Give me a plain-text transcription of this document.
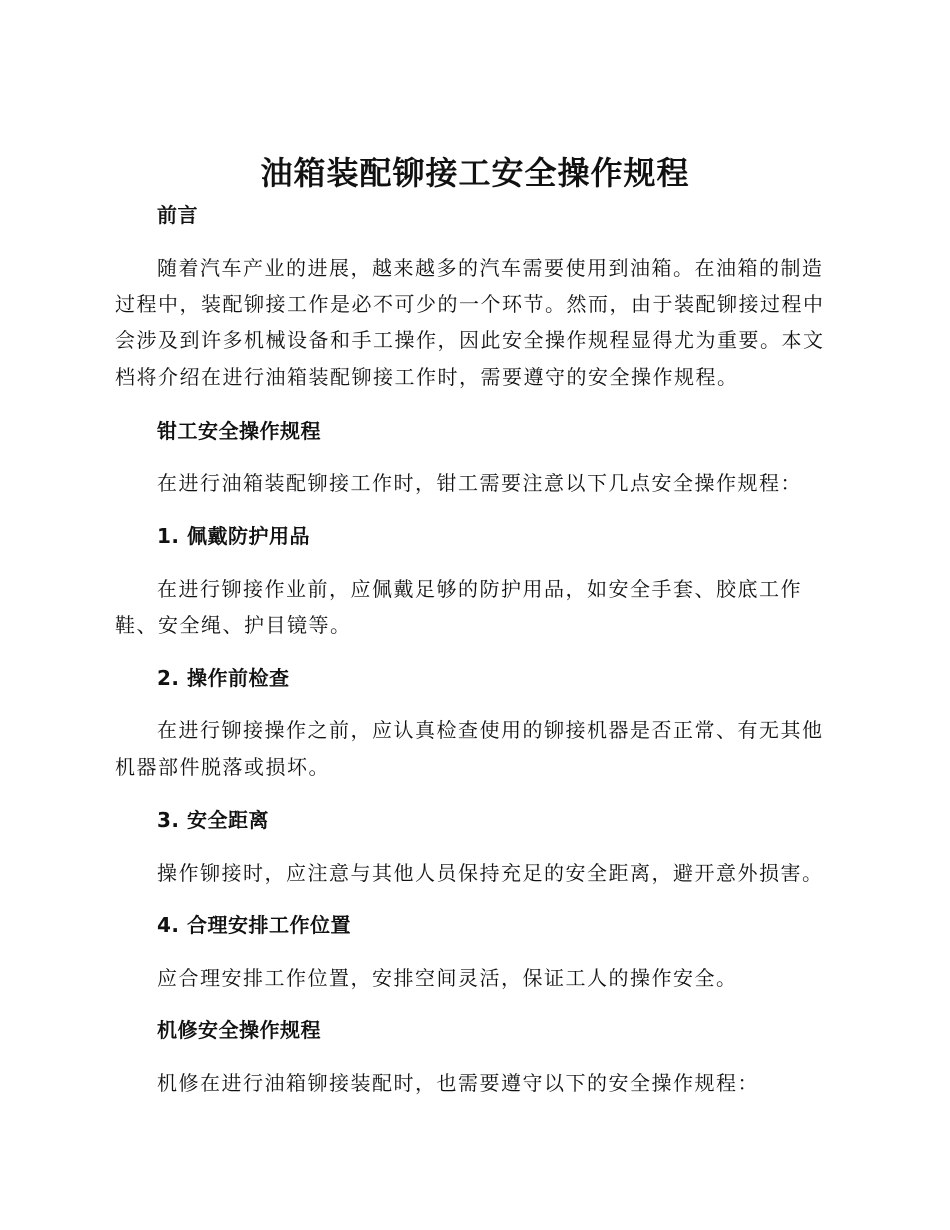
油箱装配铆接工安全操作规程
前言
随着汽车产业的进展，越来越多的汽车需要使用到油箱。在油箱的制造
过程中，装配铆接工作是必不可少的一个环节。然而，由于装配铆接过程中
会涉及到许多机械设备和手工操作，因此安全操作规程显得尤为重要。本文
档将介绍在进行油箱装配铆接工作时，需要遵守的安全操作规程。
钳工安全操作规程
在进行油箱装配铆接工作时，钳工需要注意以下几点安全操作规程：
1. 佩戴防护用品
在进行铆接作业前，应佩戴足够的防护用品，如安全手套、胶底工作
鞋、安全绳、护目镜等。
2. 操作前检查
在进行铆接操作之前，应认真检查使用的铆接机器是否正常、有无其他
机器部件脱落或损坏。
3. 安全距离
操作铆接时，应注意与其他人员保持充足的安全距离，避开意外损害。
4. 合理安排工作位置
应合理安排工作位置，安排空间灵活，保证工人的操作安全。
机修安全操作规程
机修在进行油箱铆接装配时，也需要遵守以下的安全操作规程：
